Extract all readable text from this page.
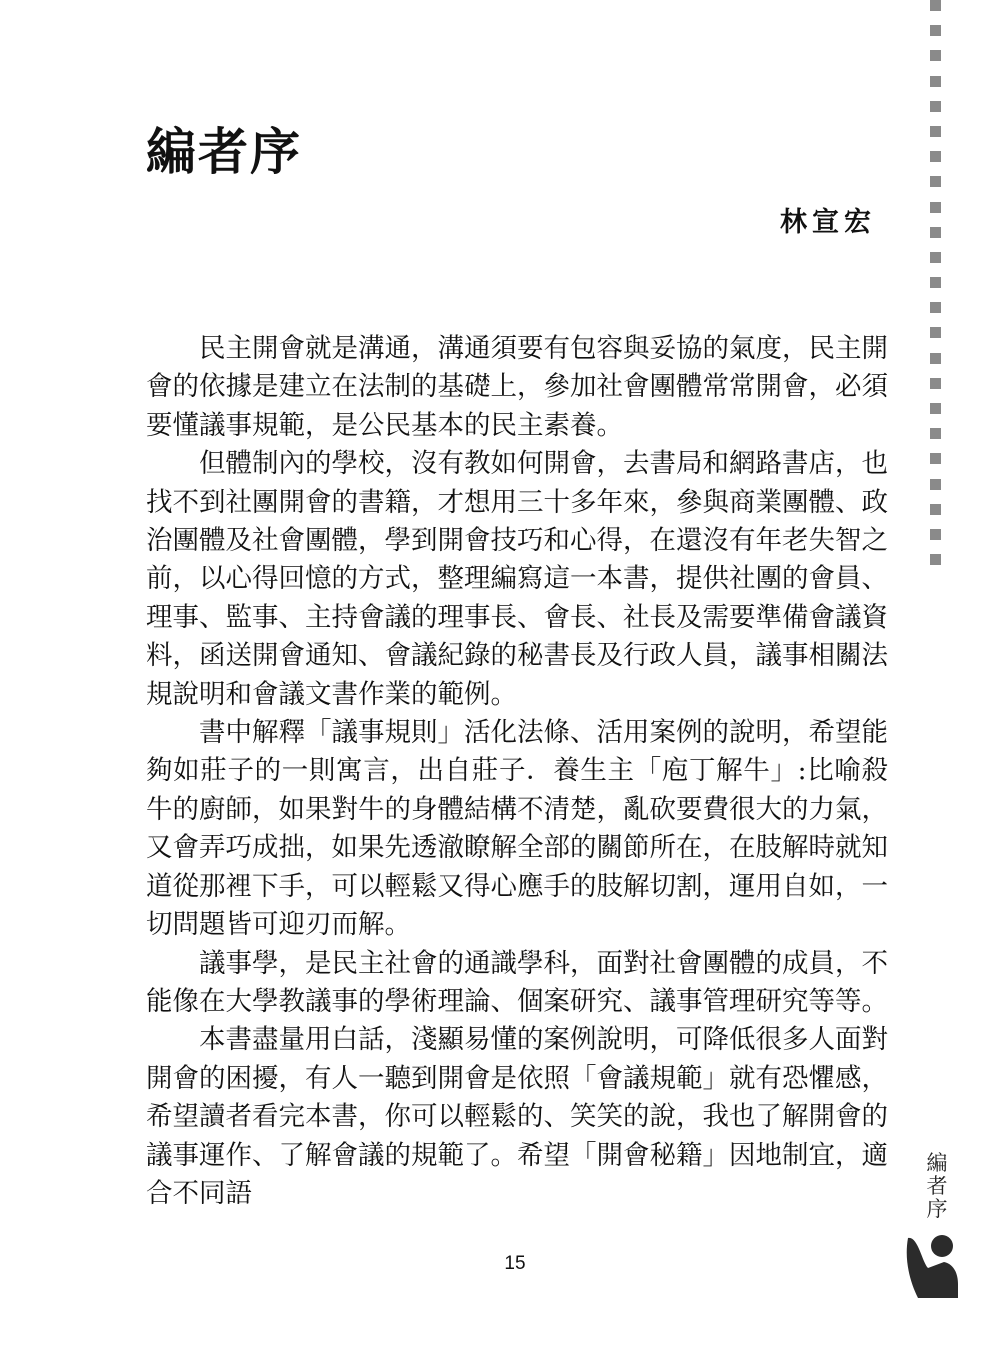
編者序
林宣宏

民主開會就是溝通，溝通須要有包容與妥協的氣度，民主開會的依據是建立在法制的基礎上，參加社會團體常常開會，必須要懂議事規範，是公民基本的民主素養。

但體制內的學校，沒有教如何開會，去書局和網路書店，也找不到社團開會的書籍，才想用三十多年來，參與商業團體、政治團體及社會團體，學到開會技巧和心得，在還沒有年老失智之前，以心得回憶的方式，整理編寫這一本書，提供社團的會員、理事、監事、主持會議的理事長、會長、社長及需要準備會議資料，函送開會通知、會議紀錄的秘書長及行政人員，議事相關法規說明和會議文書作業的範例。

書中解釋「議事規則」活化法條、活用案例的說明，希望能夠如莊子的一則寓言，出自莊子．養生主「庖丁解牛」:比喻殺牛的廚師，如果對牛的身體結構不清楚，亂砍要費很大的力氣，又會弄巧成拙，如果先透澈瞭解全部的關節所在，在肢解時就知道從那裡下手，可以輕鬆又得心應手的肢解切割，運用自如，一切問題皆可迎刃而解。

議事學，是民主社會的通識學科，面對社會團體的成員，不能像在大學教議事的學術理論、個案研究、議事管理研究等等。

本書盡量用白話，淺顯易懂的案例說明，可降低很多人面對開會的困擾，有人一聽到開會是依照「會議規範」就有恐懼感，希望讀者看完本書，你可以輕鬆的、笑笑的說，我也了解開會的議事運作、了解會議的規範了。希望「開會秘籍」因地制宜，適合不同語

15
編
者
序
